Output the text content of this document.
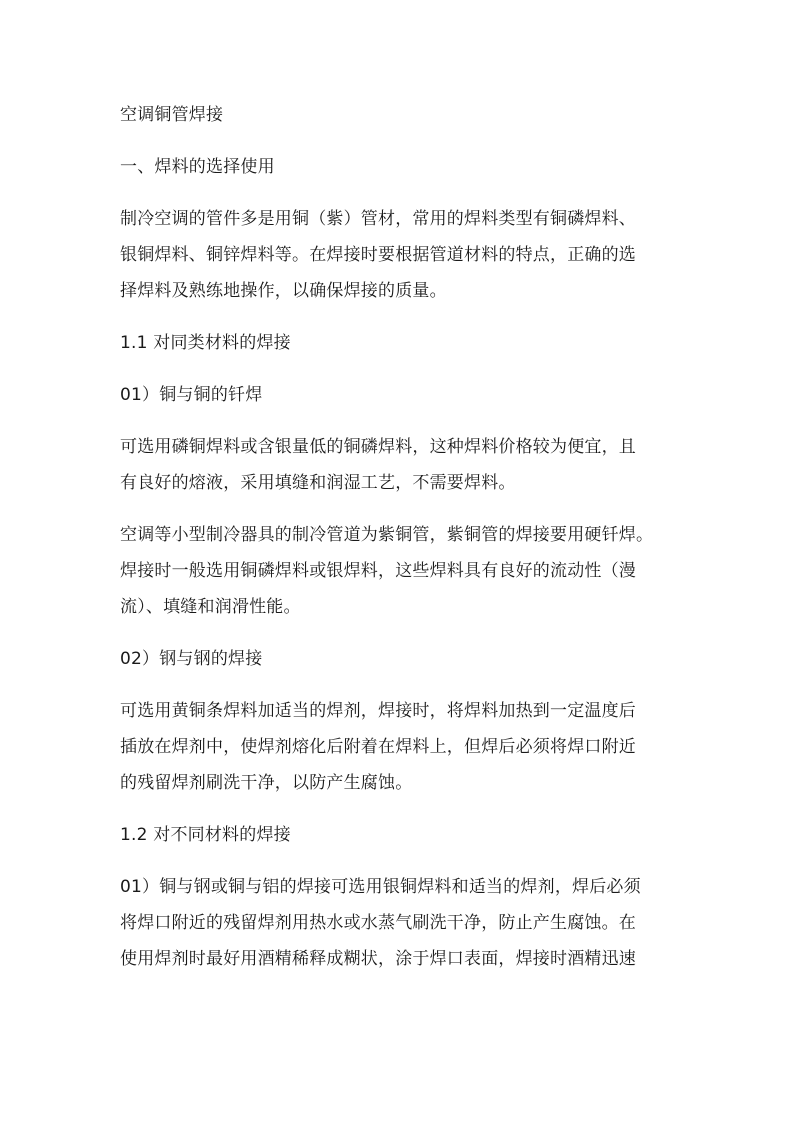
空调铜管焊接

一、焊料的选择使用

制冷空调的管件多是用铜（紫）管材，常用的焊料类型有铜磷焊料、
银铜焊料、铜锌焊料等。在焊接时要根据管道材料的特点，正确的选
择焊料及熟练地操作，以确保焊接的质量。

1.1 对同类材料的焊接

01）铜与铜的钎焊

可选用磷铜焊料或含银量低的铜磷焊料，这种焊料价格较为便宜，且
有良好的熔液，采用填缝和润湿工艺，不需要焊料。

空调等小型制冷器具的制冷管道为紫铜管，紫铜管的焊接要用硬钎焊。
焊接时一般选用铜磷焊料或银焊料，这些焊料具有良好的流动性（漫
流）、填缝和润滑性能。

02）钢与钢的焊接

可选用黄铜条焊料加适当的焊剂，焊接时，将焊料加热到一定温度后
插放在焊剂中，使焊剂熔化后附着在焊料上，但焊后必须将焊口附近
的残留焊剂刷洗干净，以防产生腐蚀。

1.2 对不同材料的焊接

01）铜与钢或铜与铝的焊接可选用银铜焊料和适当的焊剂，焊后必须
将焊口附近的残留焊剂用热水或水蒸气刷洗干净，防止产生腐蚀。在
使用焊剂时最好用酒精稀释成糊状，涂于焊口表面，焊接时酒精迅速
